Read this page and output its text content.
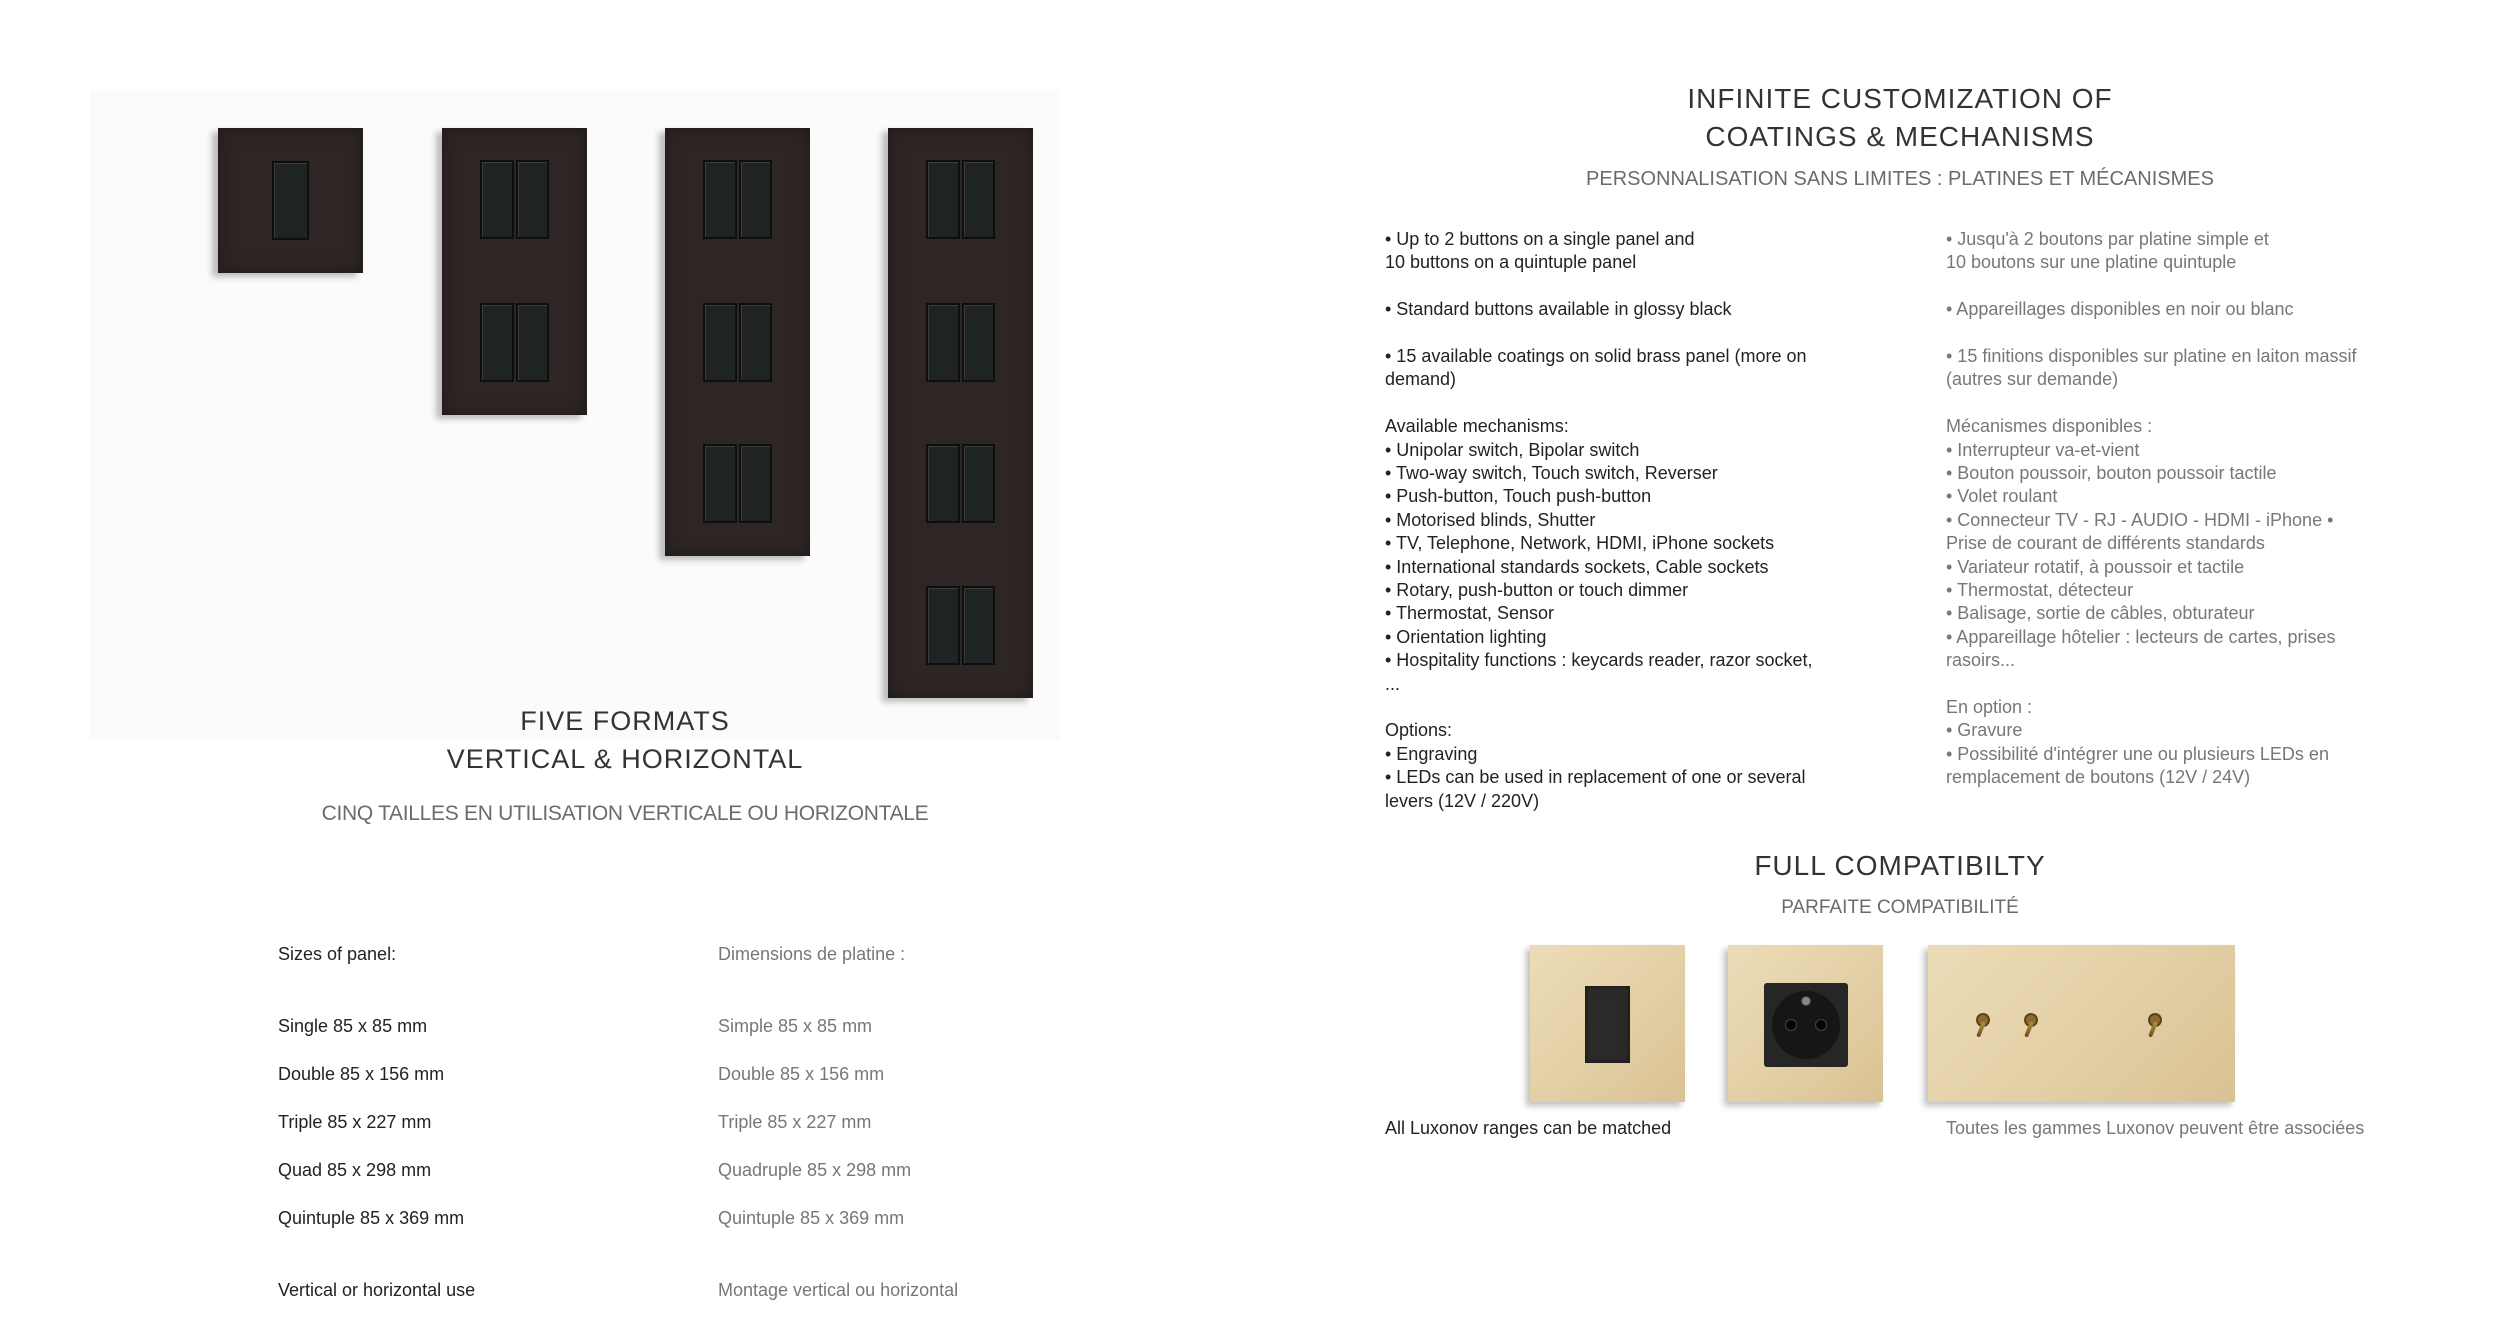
FIVE FORMATS
VERTICAL & HORIZONTAL
CINQ TAILLES EN UTILISATION VERTICALE OU HORIZONTALE

Sizes of panel:

Single 85 x 85 mm

Double 85 x 156 mm

Triple 85 x 227 mm

Quad 85 x 298 mm

Quintuple 85 x 369 mm

Vertical or horizontal use

Dimensions de platine :

Simple 85 x 85 mm

Double 85 x 156 mm

Triple 85 x 227 mm

Quadruple 85 x 298 mm

Quintuple 85 x 369 mm

Montage vertical ou horizontal

INFINITE CUSTOMIZATION OF
COATINGS & MECHANISMS
PERSONNALISATION SANS LIMITES : PLATINES ET MÉCANISMES
• Up to 2 buttons on a single panel and
10 buttons on a quintuple panel
• Standard buttons available in glossy black
• 15 available coatings on solid brass panel (more on
demand)
Available mechanisms:
• Unipolar switch, Bipolar switch
• Two-way switch, Touch switch, Reverser
• Push-button, Touch push-button
• Motorised blinds, Shutter
• TV, Telephone, Network, HDMI, iPhone sockets
• International standards sockets, Cable sockets
• Rotary, push-button or touch dimmer
• Thermostat, Sensor
• Orientation lighting
• Hospitality functions : keycards reader, razor socket,
...
Options:
• Engraving
• LEDs can be used in replacement of one or several
levers (12V / 220V)
• Jusqu'à 2 boutons par platine simple et
10 boutons sur une platine quintuple
• Appareillages disponibles en noir ou blanc
• 15 finitions disponibles sur platine en laiton massif
(autres sur demande)
Mécanismes disponibles :
• Interrupteur va-et-vient
• Bouton poussoir, bouton poussoir tactile
• Volet roulant
• Connecteur TV - RJ - AUDIO - HDMI - iPhone •
Prise de courant de différents standards
• Variateur rotatif, à poussoir et tactile
• Thermostat, détecteur
• Balisage, sortie de câbles, obturateur
• Appareillage hôtelier : lecteurs de cartes, prises
rasoirs...
En option :
• Gravure
• Possibilité d'intégrer une ou plusieurs LEDs en
remplacement de boutons (12V / 24V)
FULL COMPATIBILTY
PARFAITE COMPATIBILITÉ
All Luxonov ranges can be matched	Toutes les gammes Luxonov peuvent être associées
